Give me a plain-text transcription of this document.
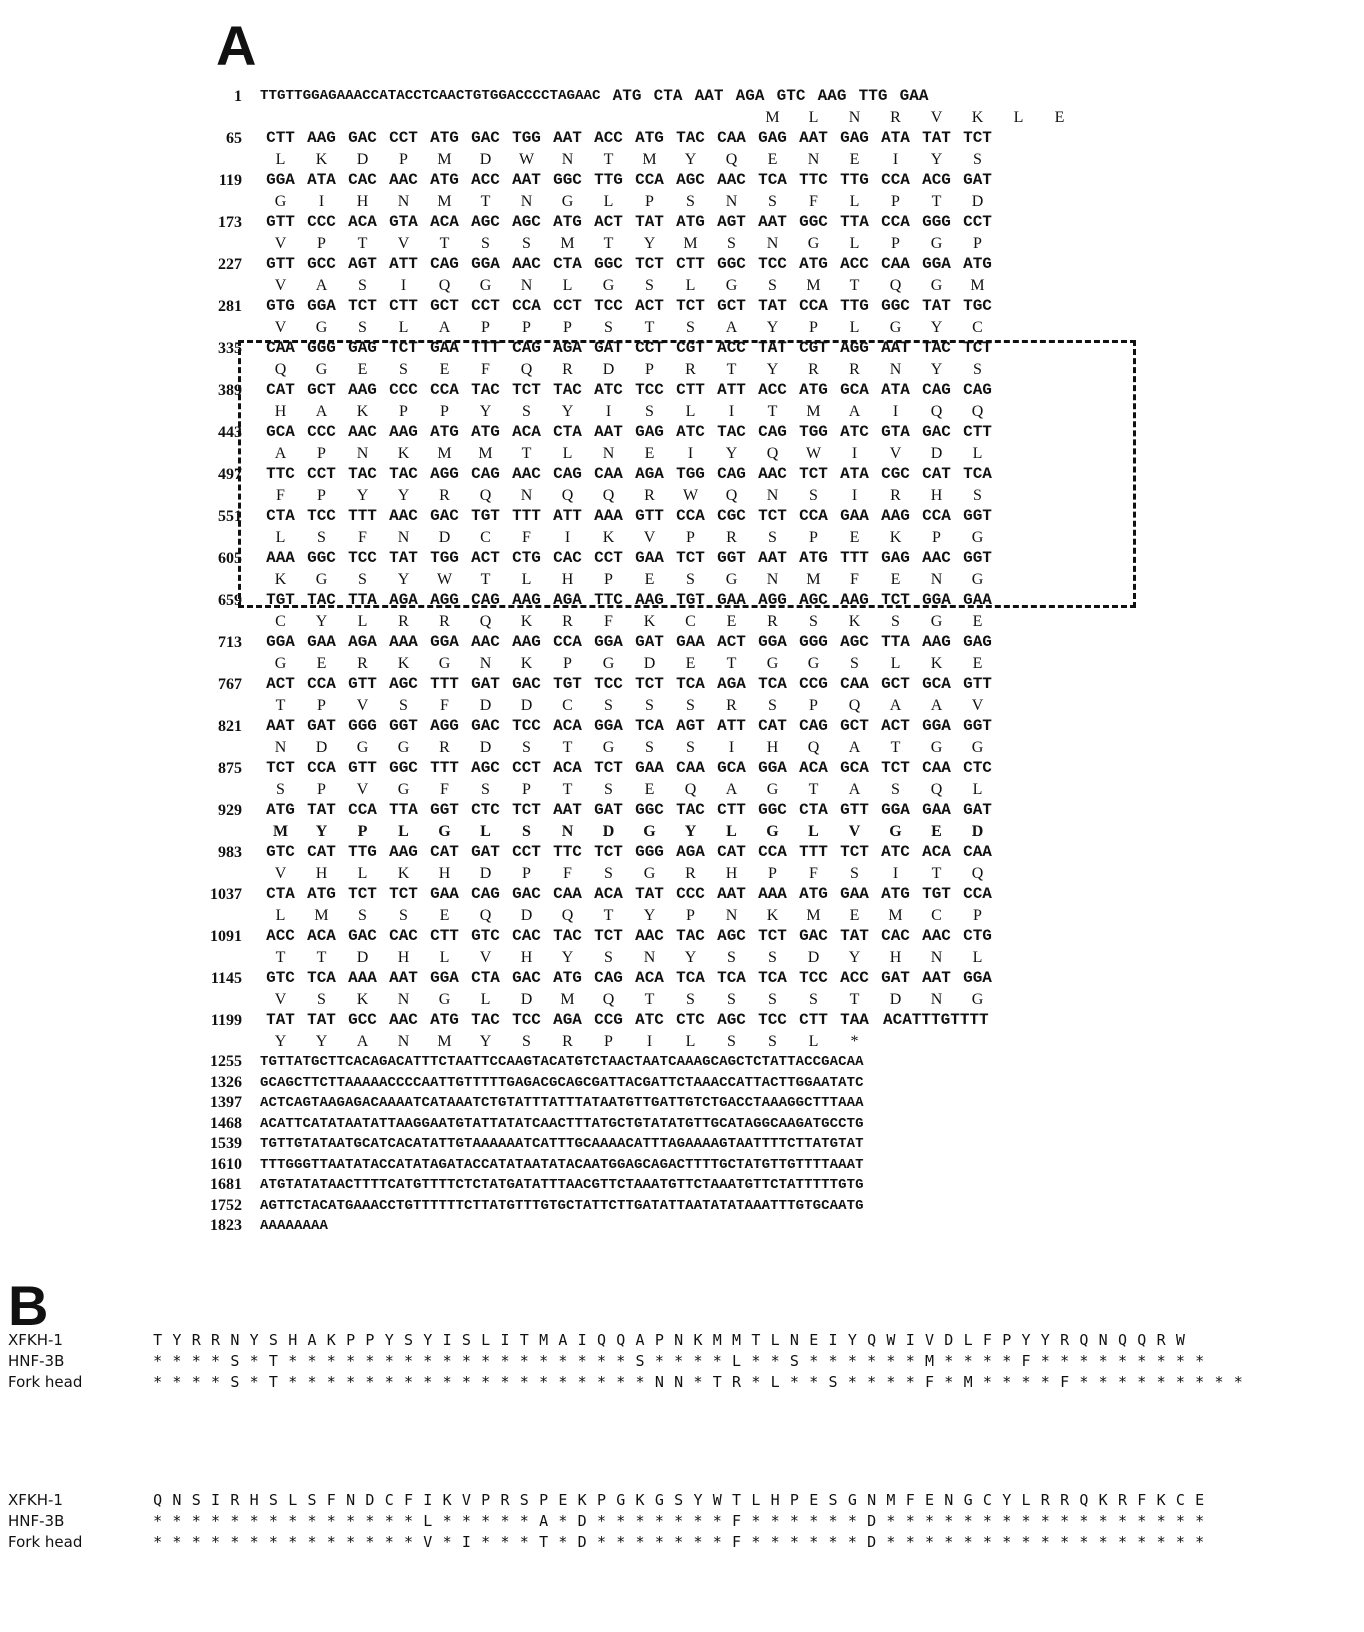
A
1	TTGTTGGAGAAACCATACCTCAACTGTGGACCCCTAGAAC ATG CTA AAT AGA GTC AAG TTG GAA
M	L	N	R	V	K	L	E
65	CTT AAG GAC CCT ATG GAC TGG AAT ACC ATG TAC CAA GAG AAT GAG ATA TAT TCT
L	K	D	P	M	D	W	N	T	M	Y	Q	E	N	E	I	Y	S
119	GGA ATA CAC AAC ATG ACC AAT GGC TTG CCA AGC AAC TCA TTC TTG CCA ACG GAT
G	I	H	N	M	T	N	G	L	P	S	N	S	F	L	P	T	D
173	GTT CCC ACA GTA ACA AGC AGC ATG ACT TAT ATG AGT AAT GGC TTA CCA GGG CCT
V	P	T	V	T	S	S	M	T	Y	M	S	N	G	L	P	G	P
227	GTT GCC AGT ATT CAG GGA AAC CTA GGC TCT CTT GGC TCC ATG ACC CAA GGA ATG
V	A	S	I	Q	G	N	L	G	S	L	G	S	M	T	Q	G	M
281	GTG GGA TCT CTT GCT CCT CCA CCT TCC ACT TCT GCT TAT CCA TTG GGC TAT TGC
V	G	S	L	A	P	P	P	S	T	S	A	Y	P	L	G	Y	C
335	CAA GGG GAG TCT GAA TTT CAG AGA GAT CCT CGT ACC TAT CGT AGG AAT TAC TCT
Q	G	E	S	E	F	Q	R	D	P	R	T	Y	R	R	N	Y	S
389	CAT GCT AAG CCC CCA TAC TCT TAC ATC TCC CTT ATT ACC ATG GCA ATA CAG CAG
H	A	K	P	P	Y	S	Y	I	S	L	I	T	M	A	I	Q	Q
443	GCA CCC AAC AAG ATG ATG ACA CTA AAT GAG ATC TAC CAG TGG ATC GTA GAC CTT
A	P	N	K	M	M	T	L	N	E	I	Y	Q	W	I	V	D	L
497	TTC CCT TAC TAC AGG CAG AAC CAG CAA AGA TGG CAG AAC TCT ATA CGC CAT TCA
F	P	Y	Y	R	Q	N	Q	Q	R	W	Q	N	S	I	R	H	S
551	CTA TCC TTT AAC GAC TGT TTT ATT AAA GTT CCA CGC TCT CCA GAA AAG CCA GGT
L	S	F	N	D	C	F	I	K	V	P	R	S	P	E	K	P	G
605	AAA GGC TCC TAT TGG ACT CTG CAC CCT GAA TCT GGT AAT ATG TTT GAG AAC GGT
K	G	S	Y	W	T	L	H	P	E	S	G	N	M	F	E	N	G
659	TGT TAC TTA AGA AGG CAG AAG AGA TTC AAG TGT GAA AGG AGC AAG TCT GGA GAA
C	Y	L	R	R	Q	K	R	F	K	C	E	R	S	K	S	G	E
713	GGA GAA AGA AAA GGA AAC AAG CCA GGA GAT GAA ACT GGA GGG AGC TTA AAG GAG
G	E	R	K	G	N	K	P	G	D	E	T	G	G	S	L	K	E
767	ACT CCA GTT AGC TTT GAT GAC TGT TCC TCT TCA AGA TCA CCG CAA GCT GCA GTT
T	P	V	S	F	D	D	C	S	S	S	R	S	P	Q	A	A	V
821	AAT GAT GGG GGT AGG GAC TCC ACA GGA TCA AGT ATT CAT CAG GCT ACT GGA GGT
N	D	G	G	R	D	S	T	G	S	S	I	H	Q	A	T	G	G
875	TCT CCA GTT GGC TTT AGC CCT ACA TCT GAA CAA GCA GGA ACA GCA TCT CAA CTC
S	P	V	G	F	S	P	T	S	E	Q	A	G	T	A	S	Q	L
929	ATG TAT CCA TTA GGT CTC TCT AAT GAT GGC TAC CTT GGC CTA GTT GGA GAA GAT
M	Y	P	L	G	L	S	N	D	G	Y	L	G	L	V	G	E	D
983	GTC CAT TTG AAG CAT GAT CCT TTC TCT GGG AGA CAT CCA TTT TCT ATC ACA CAA
V	H	L	K	H	D	P	F	S	G	R	H	P	F	S	I	T	Q
1037	CTA ATG TCT TCT GAA CAG GAC CAA ACA TAT CCC AAT AAA ATG GAA ATG TGT CCA
L	M	S	S	E	Q	D	Q	T	Y	P	N	K	M	E	M	C	P
1091	ACC ACA GAC CAC CTT GTC CAC TAC TCT AAC TAC AGC TCT GAC TAT CAC AAC CTG
T	T	D	H	L	V	H	Y	S	N	Y	S	S	D	Y	H	N	L
1145	GTC TCA AAA AAT GGA CTA GAC ATG CAG ACA TCA TCA TCA TCC ACC GAT AAT GGA
V	S	K	N	G	L	D	M	Q	T	S	S	S	S	T	D	N	G
1199	TAT TAT GCC AAC ATG TAC TCC AGA CCG ATC CTC AGC TCC CTT TAA ACATTTGTTTT
Y	Y	A	N	M	Y	S	R	P	I	L	S	S	L	*
1255	TGTTATGCTTCACAGACATTTCTAATTCCAAGTACATGTCTAACTAATCAAAGCAGCTCTATTACCGACAA
1326	GCAGCTTCTTAAAAACCCCAATTGTTTTTGAGACGCAGCGATTACGATTCTAAACCATTACTTGGAATATC
1397	ACTCAGTAAGAGACAAAATCATAAATCTGTATTTATTTATAATGTTGATTGTCTGACCTAAAGGCTTTAAA
1468	ACATTCATATAATATTAAGGAATGTATTATATCAACTTTATGCTGTATATGTTGCATAGGCAAGATGCCTG
1539	TGTTGTATAATGCATCACATATTGTAAAAAATCATTTGCAAAACATTTAGAAAAGTAATTTTCTTATGTAT
1610	TTTGGGTTAATATACCATATAGATACCATATAATATACAATGGAGCAGACTTTTGCTATGTTGTTTTAAAT
1681	ATGTATATAACTTTTCATGTTTTCTCTATGATATTTAACGTTCTAAATGTTCTAAATGTTCTATTTTTGTG
1752	AGTTCTACATGAAACCTGTTTTTTCTTATGTTTGTGCTATTCTTGATATTAATATATAAATTTGTGCAATG
1823	AAAAAAAA
B
XFKH-1	T Y R R N Y S H A K P P Y S Y I S L I T M A I Q Q A P N K M M T L N E I Y Q W I V D L F P Y Y R Q N Q Q R W
HNF-3B	* * * * S * T * * * * * * * * * * * * * * * * * * S * * * * L * * S * * * * * * M * * * * F * * * * * * * * *
Fork head	* * * * S * T * * * * * * * * * * * * * * * * * * * N N * T R * L * * S * * * * F * M * * * * F * * * * * * * * *
XFKH-1	Q N S I R H S L S F N D C F I K V P R S P E K P G K G S Y W T L H P E S G N M F E N G C Y L R R Q K R F K C E
HNF-3B	* * * * * * * * * * * * * * L * * * * * A * D * * * * * * * F * * * * * * D * * * * * * * * * * * * * * * * *
Fork head	* * * * * * * * * * * * * * V * I * * * T * D * * * * * * * F * * * * * * D * * * * * * * * * * * * * * * * *
